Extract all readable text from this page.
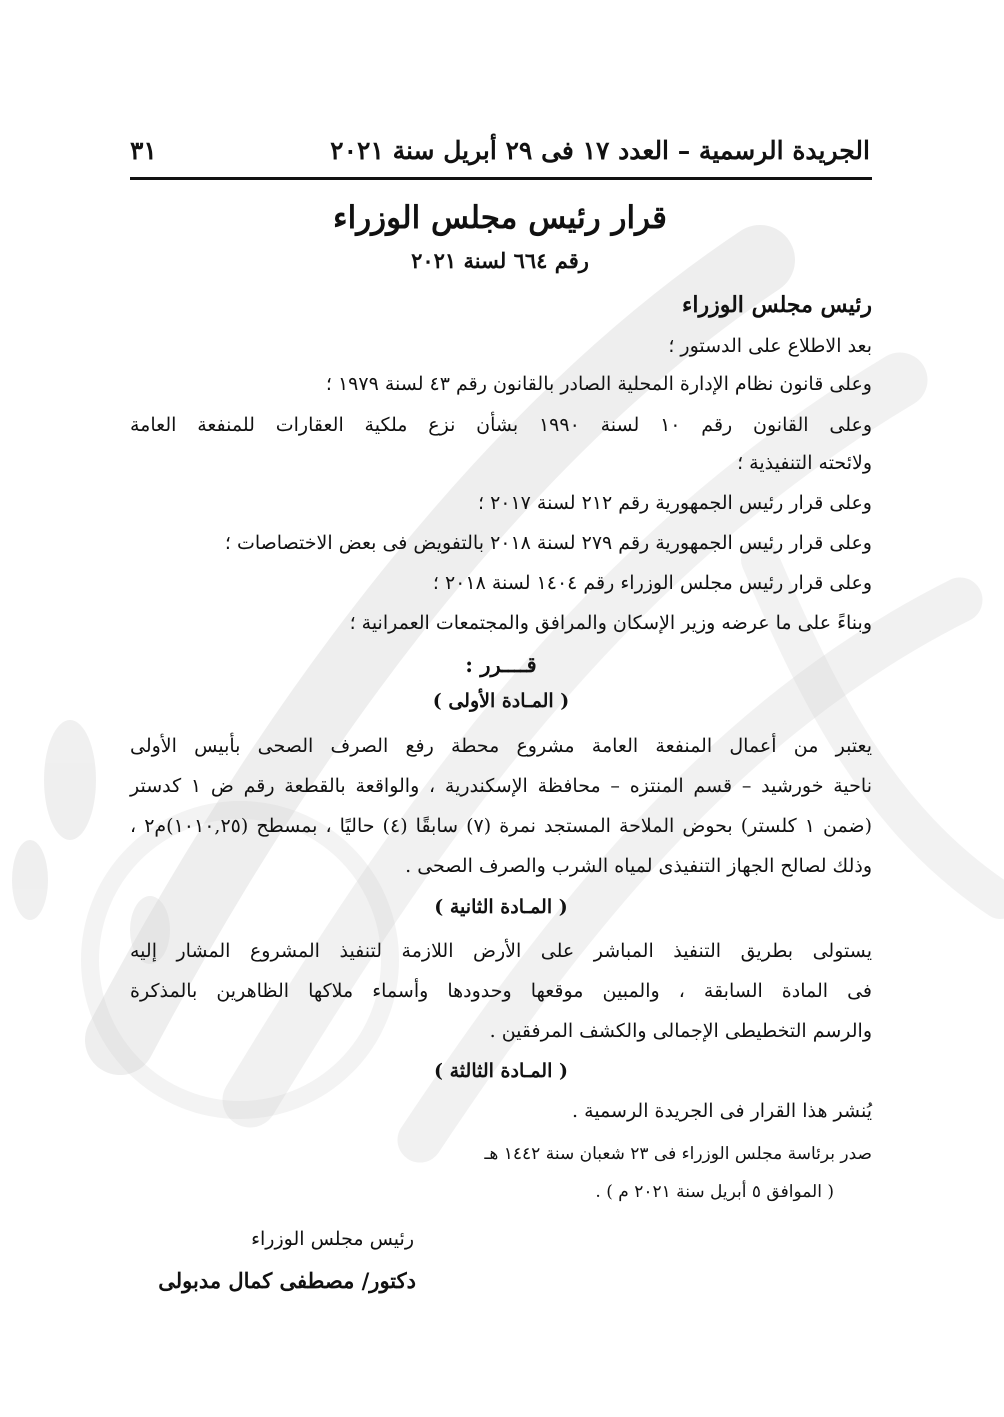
الجريدة الرسمية – العدد ١٧ فى ٢٩ أبريل سنة ٢٠٢١
٣١
قرار رئيس مجلس الوزراء
رقم ٦٦٤ لسنة ٢٠٢١
رئيس مجلس الوزراء
بعد الاطلاع على الدستور ؛
وعلى قانون نظام الإدارة المحلية الصادر بالقانون رقم ٤٣ لسنة ١٩٧٩ ؛
وعلى القانون رقم ١٠ لسنة ١٩٩٠ بشأن نزع ملكية العقارات للمنفعة العامة
ولائحته التنفيذية ؛
وعلى قرار رئيس الجمهورية رقم ٢١٢ لسنة ٢٠١٧ ؛
وعلى قرار رئيس الجمهورية رقم ٢٧٩ لسنة ٢٠١٨ بالتفويض فى بعض الاختصاصات ؛
وعلى قرار رئيس مجلس الوزراء رقم ١٤٠٤ لسنة ٢٠١٨ ؛
وبناءً على ما عرضه وزير الإسكان والمرافق والمجتمعات العمرانية ؛
قــــرر :
( المـادة الأولى )
يعتبر من أعمال المنفعة العامة مشروع محطة رفع الصرف الصحى بأبيس الأولى
ناحية خورشيد – قسم المنتزه – محافظة الإسكندرية ، والواقعة بالقطعة رقم ض ١ كدستر
(ضمن ١ كلستر) بحوض الملاحة المستجد نمرة (٧) سابقًا (٤) حاليًا ، بمسطح (١٠١٠,٢٥)م٢ ،
وذلك لصالح الجهاز التنفيذى لمياه الشرب والصرف الصحى .
( المـادة الثانية )
يستولى بطريق التنفيذ المباشر على الأرض اللازمة لتنفيذ المشروع المشار إليه
فى المادة السابقة ، والمبين موقعها وحدودها وأسماء ملاكها الظاهرين بالمذكرة
والرسم التخطيطى الإجمالى والكشف المرفقين .
( المـادة الثالثة )
يُنشر هذا القرار فى الجريدة الرسمية .
صدر برئاسة مجلس الوزراء فى ٢٣ شعبان سنة ١٤٤٢ هـ
( الموافق ٥ أبريل سنة ٢٠٢١ م ) .
رئيس مجلس الوزراء
دكتور/ مصطفى كمال مدبولى
